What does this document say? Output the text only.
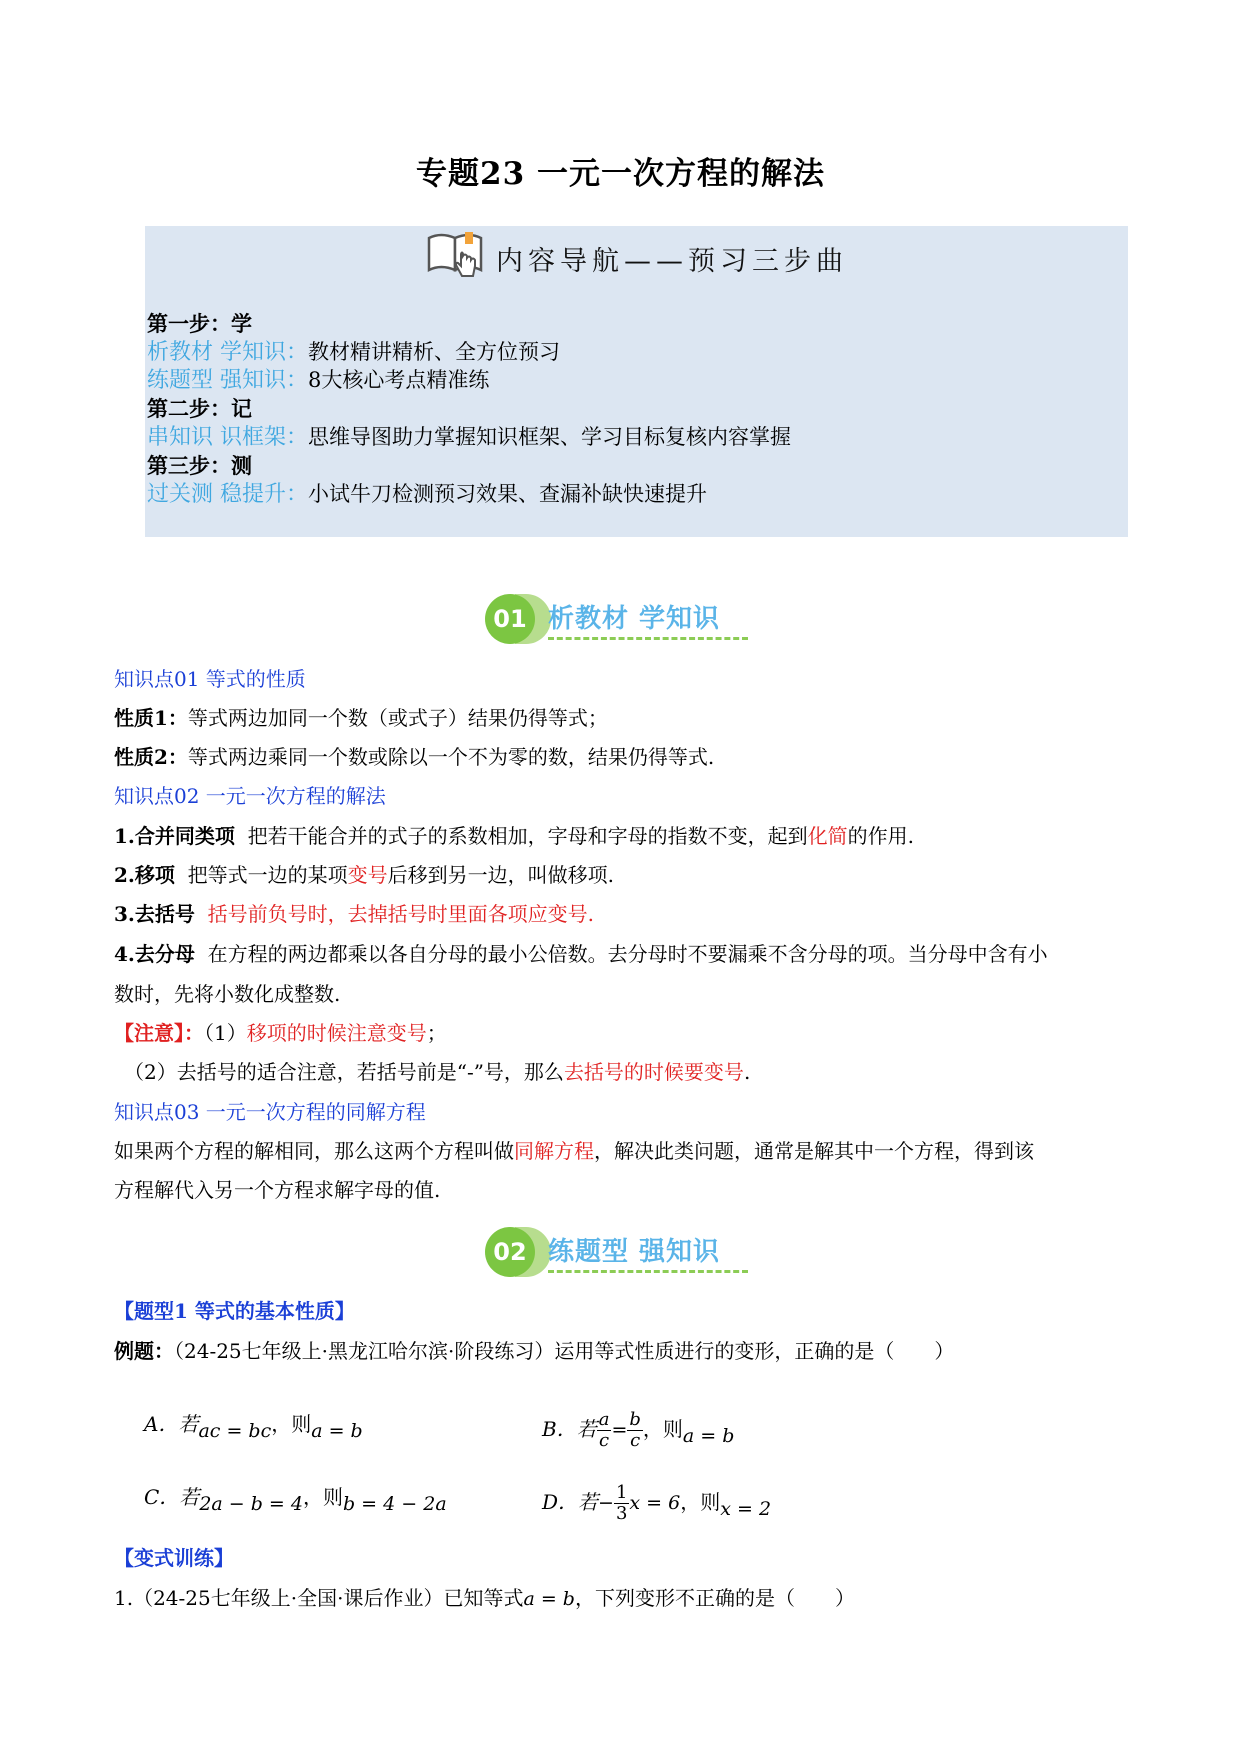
专题23 一元一次方程的解法
内容导航——预习三步曲
第一步：学
析教材 学知识：教材精讲精析、全方位预习
练题型 强知识：8大核心考点精准练
第二步：记
串知识 识框架：思维导图助力掌握知识框架、学习目标复核内容掌握
第三步：测
过关测 稳提升：小试牛刀检测预习效果、查漏补缺快速提升
01 析教材 学知识
知识点01 等式的性质
性质1：等式两边加同一个数（或式子）结果仍得等式；
性质2：等式两边乘同一个数或除以一个不为零的数，结果仍得等式.
知识点02 一元一次方程的解法
1.合并同类项 把若干能合并的式子的系数相加，字母和字母的指数不变，起到化简的作用.
2.移项 把等式一边的某项变号后移到另一边，叫做移项.
3.去括号 括号前负号时，去掉括号时里面各项应变号.
4.去分母 在方程的两边都乘以各自分母的最小公倍数。去分母时不要漏乘不含分母的项。当分母中含有小
数时，先将小数化成整数.
【注意】：（1）移项的时候注意变号；
（2）去括号的适合注意，若括号前是“-”号，那么去括号的时候要变号.
知识点03 一元一次方程的同解方程
如果两个方程的解相同，那么这两个方程叫做同解方程，解决此类问题，通常是解其中一个方程，得到该
方程解代入另一个方程求解字母的值.
02 练题型 强知识
【题型1 等式的基本性质】
例题：（24-25七年级上·黑龙江哈尔滨·阶段练习）运用等式性质进行的变形，正确的是（　　）
A．若ac = bc，则a = b	B．若 $\frac{a}{c} = \frac{b}{c}$ ，则a = b
C．若2a − b = 4，则b = 4 − 2a	D．若− $\frac{1}{3}$ x = 6，则x = 2
【变式训练】
1.（24-25七年级上·全国·课后作业）已知等式a = b，下列变形不正确的是（　　）
